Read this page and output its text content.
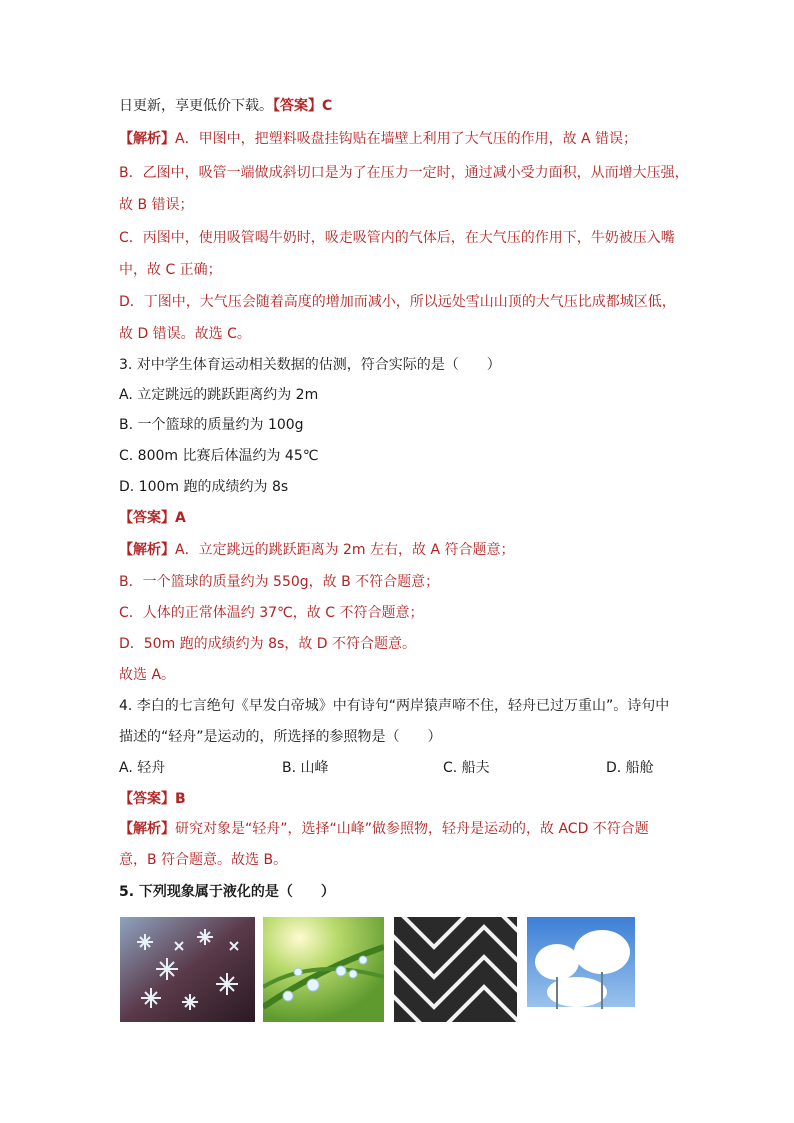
日更新，享更低价下载。【答案】C
【解析】A．甲图中，把塑料吸盘挂钩贴在墙壁上利用了大气压的作用，故 A 错误；
B．乙图中，吸管一端做成斜切口是为了在压力一定时，通过减小受力面积，从而增大压强，
故 B 错误；
C．丙图中，使用吸管喝牛奶时，吸走吸管内的气体后，在大气压的作用下，牛奶被压入嘴
中，故 C 正确；
D．丁图中，大气压会随着高度的增加而减小，所以远处雪山山顶的大气压比成都城区低，
故 D 错误。故选 C。
3. 对中学生体育运动相关数据的估测，符合实际的是（　　）
A. 立定跳远的跳跃距离约为 2m
B. 一个篮球的质量约为 100g
C. 800m 比赛后体温约为 45℃
D. 100m 跑的成绩约为 8s
【答案】A
【解析】A．立定跳远的跳跃距离为 2m 左右，故 A 符合题意；
B．一个篮球的质量约为 550g，故 B 不符合题意；
C．人体的正常体温约 37℃，故 C 不符合题意；
D．50m 跑的成绩约为 8s，故 D 不符合题意。
故选 A。
4. 李白的七言绝句《早发白帝城》中有诗句“两岸猿声啼不住，轻舟已过万重山”。诗句中
描述的“轻舟”是运动的，所选择的参照物是（　　）
A. 轻舟	B. 山峰	C. 船夫	D. 船舱
【答案】B
【解析】研究对象是“轻舟”，选择“山峰”做参照物，轻舟是运动的，故 ACD 不符合题
意，B 符合题意。故选 B。
5. 下列现象属于液化的是（　　）
